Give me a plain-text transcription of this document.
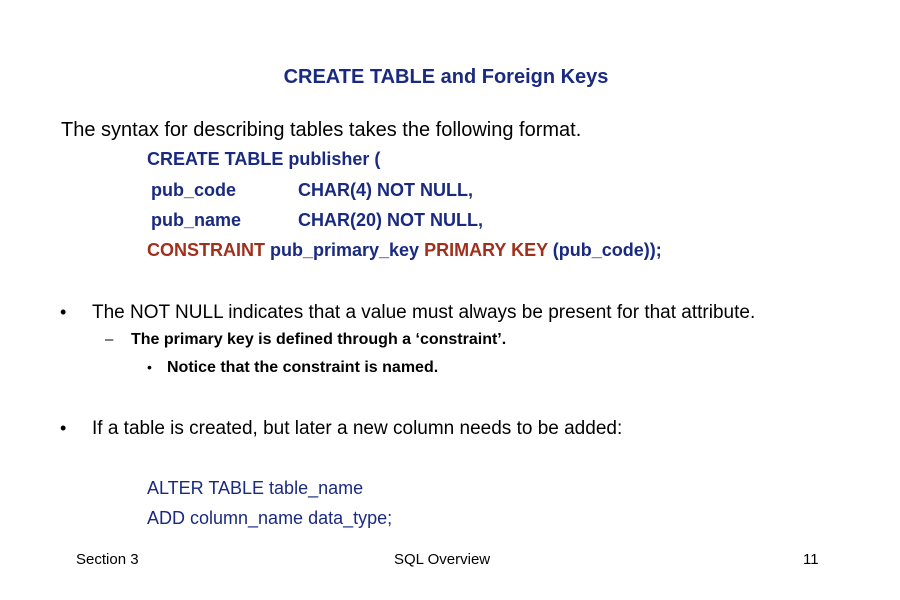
CREATE TABLE and Foreign Keys
The syntax for describing tables takes the following format.
CREATE TABLE publisher (
pub_code	CHAR(4) NOT NULL,
pub_name	CHAR(20) NOT NULL,
CONSTRAINT pub_primary_key PRIMARY KEY (pub_code));
• The NOT NULL indicates that a value must always be present for that attribute.
– The primary key is defined through a ‘constraint’.
• Notice that the constraint is named.
• If a table is created, but later a new column needs to be added:
ALTER TABLE table_name
ADD column_name data_type;
Section 3	SQL Overview	11
